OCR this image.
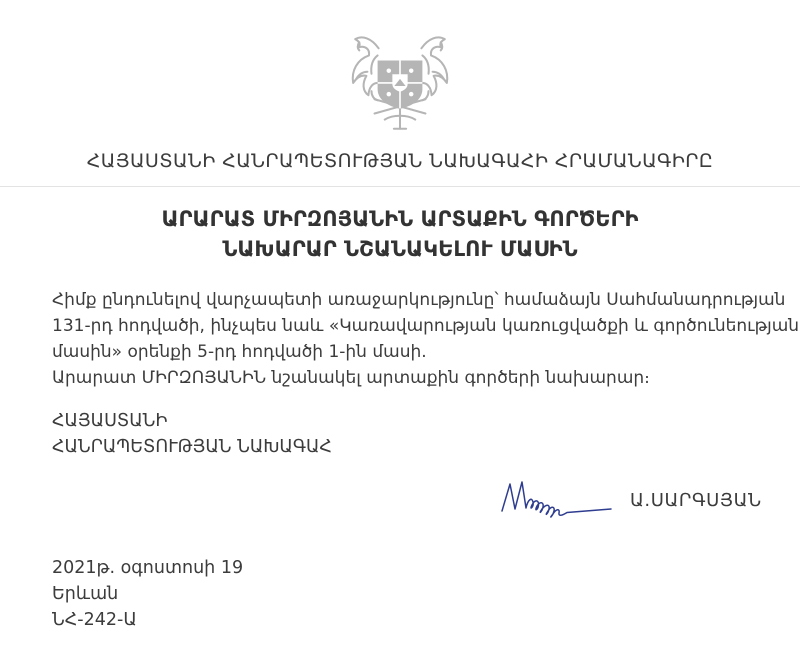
ՀԱՅԱՍՏԱՆԻ ՀԱՆՐԱՊԵՏՈՒԹՅԱՆ ՆԱԽԱԳԱՀԻ ՀՐԱՄԱՆԱԳԻՐԸ
ԱՐԱՐԱՏ ՄԻՐԶՈՅԱՆԻՆ ԱՐՏԱՔԻՆ ԳՈՐԾԵՐԻ
ՆԱԽԱՐԱՐ ՆՇԱՆԱԿԵԼՈՒ ՄԱՍԻՆ
Հիմք ընդունելով վարչապետի առաջարկությունը՝ համաձայն Սահմանադրության
131-րդ հոդվածի, ինչպես նաև «Կառավարության կառուցվածքի և գործունեության
մասին» օրենքի 5-րդ հոդվածի 1-ին մասի.
Արարատ ՄԻՐԶՈՅԱՆԻՆ նշանակել արտաքին գործերի նախարար։
ՀԱՅԱՍՏԱՆԻ
ՀԱՆՐԱՊԵՏՈՒԹՅԱՆ ՆԱԽԱԳԱՀ
Ա.ՍԱՐԳՍՅԱՆ
2021թ. օգոստոսի 19
Երևան
ՆՀ-242-Ա
